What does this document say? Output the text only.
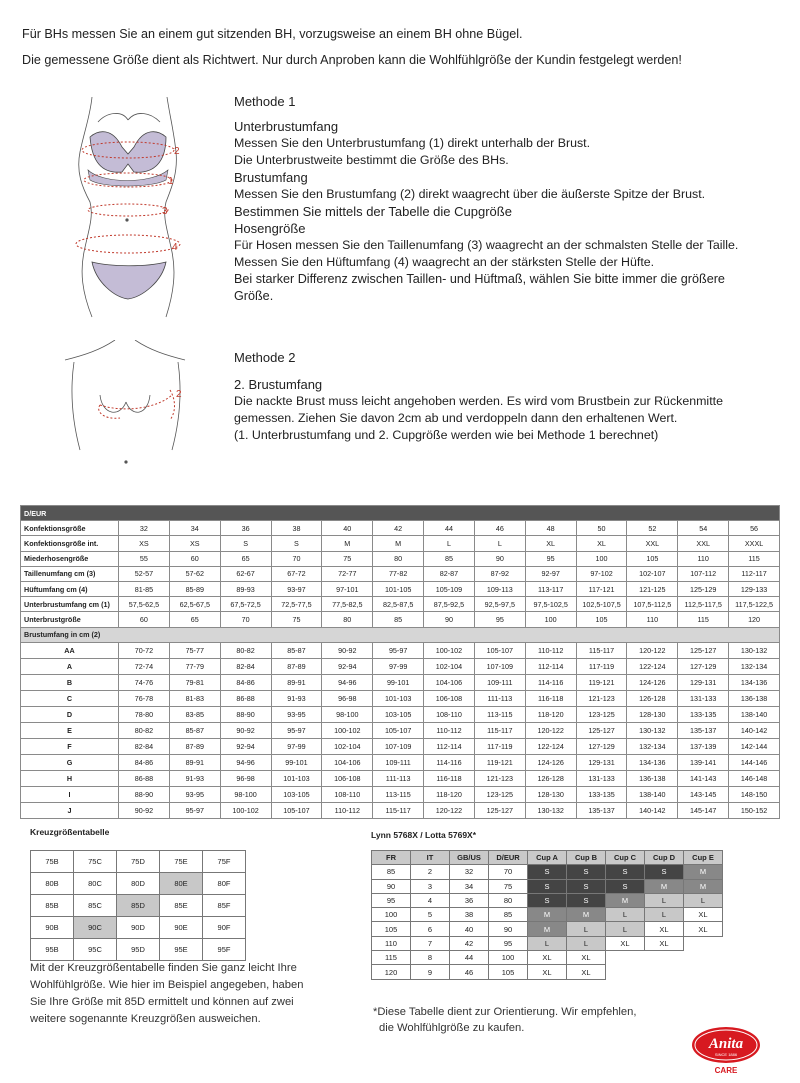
Für BHs messen Sie an einem gut sitzenden BH, vorzugsweise an einem BH ohne Bügel.
Die gemessene Größe dient als Richtwert. Nur durch Anproben kann die Wohlfühlgröße der Kundin festgelegt werden!
2
1
3
4
Methode 1
Unterbrustumfang
Messen Sie den Unterbrustumfang (1) direkt unterhalb der Brust.
Die Unterbrustweite bestimmt die Größe des BHs.
Brustumfang
Messen Sie den Brustumfang (2) direkt waagrecht über die äußerste Spitze der Brust.
Bestimmen Sie mittels der Tabelle die Cupgröße
Hosengröße
Für Hosen messen Sie den Taillenumfang (3) waagrecht an der schmalsten Stelle der Taille.
Messen Sie den Hüftumfang (4) waagrecht an der stärksten Stelle der Hüfte.
Bei starker Differenz zwischen Taillen- und Hüftmaß, wählen Sie bitte immer die größere
Größe.
2
Methode 2
2. Brustumfang
Die nackte Brust muss leicht angehoben werden. Es wird vom Brustbein zur Rückenmitte
gemessen. Ziehen Sie davon 2cm ab und verdoppeln dann den erhaltenen Wert.
(1. Unterbrustumfang und 2. Cupgröße werden wie bei Methode 1 berechnet)
D/EUR													
Konfektionsgröße	32	34	36	38	40	42	44	46	48	50	52	54	56
Konfektionsgröße int.	XS	XS	S	S	M	M	L	L	XL	XL	XXL	XXL	XXXL
Miederhosengröße	55	60	65	70	75	80	85	90	95	100	105	110	115
Taillenumfang cm (3)	52-57	57-62	62-67	67-72	72-77	77-82	82-87	87-92	92-97	97-102	102-107	107-112	112-117
Hüftumfang cm (4)	81-85	85-89	89-93	93-97	97-101	101-105	105-109	109-113	113-117	117-121	121-125	125-129	129-133
Unterbrustumfang cm (1)	57,5-62,5	62,5-67,5	67,5-72,5	72,5-77,5	77,5-82,5	82,5-87,5	87,5-92,5	92,5-97,5	97,5-102,5	102,5-107,5	107,5-112,5	112,5-117,5	117,5-122,5
Unterbrustgröße	60	65	70	75	80	85	90	95	100	105	110	115	120
Brustumfang in cm (2)													
AA	70-72	75-77	80-82	85-87	90-92	95-97	100-102	105-107	110-112	115-117	120-122	125-127	130-132
A	72-74	77-79	82-84	87-89	92-94	97-99	102-104	107-109	112-114	117-119	122-124	127-129	132-134
B	74-76	79-81	84-86	89-91	94-96	99-101	104-106	109-111	114-116	119-121	124-126	129-131	134-136
C	76-78	81-83	86-88	91-93	96-98	101-103	106-108	111-113	116-118	121-123	126-128	131-133	136-138
D	78-80	83-85	88-90	93-95	98-100	103-105	108-110	113-115	118-120	123-125	128-130	133-135	138-140
E	80-82	85-87	90-92	95-97	100-102	105-107	110-112	115-117	120-122	125-127	130-132	135-137	140-142
F	82-84	87-89	92-94	97-99	102-104	107-109	112-114	117-119	122-124	127-129	132-134	137-139	142-144
G	84-86	89-91	94-96	99-101	104-106	109-111	114-116	119-121	124-126	129-131	134-136	139-141	144-146
H	86-88	91-93	96-98	101-103	106-108	111-113	116-118	121-123	126-128	131-133	136-138	141-143	146-148
I	88-90	93-95	98-100	103-105	108-110	113-115	118-120	123-125	128-130	133-135	138-140	143-145	148-150
J	90-92	95-97	100-102	105-107	110-112	115-117	120-122	125-127	130-132	135-137	140-142	145-147	150-152
Kreuzgrößentabelle
75B	75C	75D	75E	75F
80B	80C	80D	80E	80F
85B	85C	85D	85E	85F
90B	90C	90D	90E	90F
95B	95C	95D	95E	95F
Mit der Kreuzgrößentabelle finden Sie ganz leicht Ihre
Wohlfühlgröße. Wie hier im Beispiel angegeben, haben
Sie Ihre Größe mit 85D ermittelt und können auf zwei
weitere sogenannte Kreuzgrößen ausweichen.
Lynn 5768X / Lotta 5769X*
FR	IT	GB/US	D/EUR	Cup A	Cup B	Cup C	Cup D	Cup E
85	2	32	70	S	S	S	S	M
90	3	34	75	S	S	S	M	M
95	4	36	80	S	S	M	L	L
100	5	38	85	M	M	L	L	XL
105	6	40	90	M	L	L	XL	XL
110	7	42	95	L	L	XL	XL	
115	8	44	100	XL	XL			
120	9	46	105	XL	XL			
*Diese Tabelle dient zur Orientierung. Wir empfehlen,
die Wohlfühlgröße zu kaufen.
Anita
SINCE 1886
CARE
